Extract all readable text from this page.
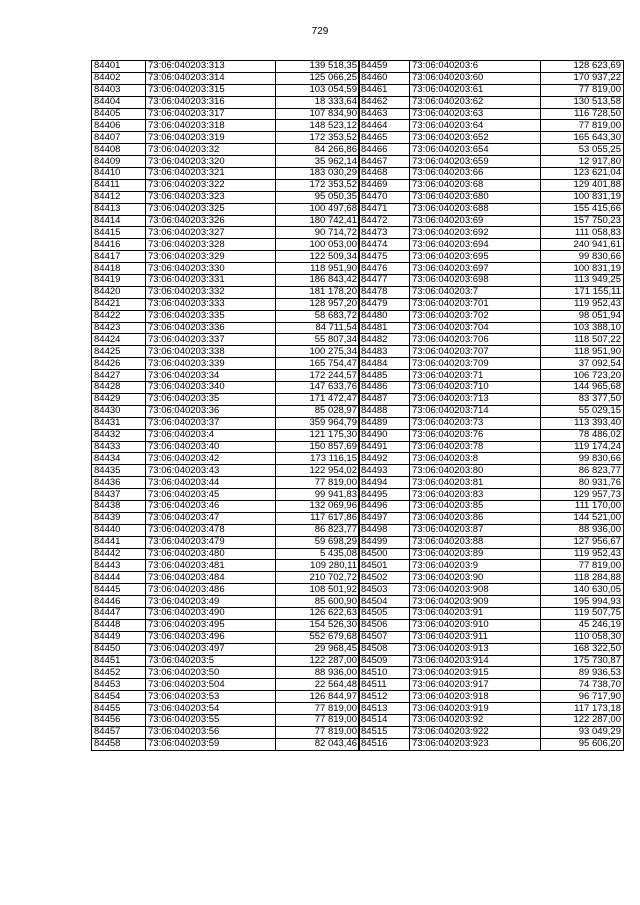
729
84401	73:06:040203:313	139 518,35
84402	73:06:040203:314	125 066,25
84403	73:06:040203:315	103 054,59
84404	73:06:040203:316	18 333,64
84405	73:06:040203:317	107 834,90
84406	73:06:040203:318	148 523,12
84407	73:06:040203:319	172 353,52
84408	73:06:040203:32	84 266,86
84409	73:06:040203:320	35 962,14
84410	73:06:040203:321	183 030,29
84411	73:06:040203:322	172 353,52
84412	73:06:040203:323	95 050,35
84413	73:06:040203:325	100 497,68
84414	73:06:040203:326	180 742,41
84415	73:06:040203:327	90 714,72
84416	73:06:040203:328	100 053,00
84417	73:06:040203:329	122 509,34
84418	73:06:040203:330	118 951,90
84419	73:06:040203:331	186 843,42
84420	73:06:040203:332	181 178,20
84421	73:06:040203:333	128 957,20
84422	73:06:040203:335	58 683,72
84423	73:06:040203:336	84 711,54
84424	73:06:040203:337	55 807,34
84425	73:06:040203:338	100 275,34
84426	73:06:040203:339	165 754,47
84427	73:06:040203:34	172 244,57
84428	73:06:040203:340	147 633,76
84429	73:06:040203:35	171 472,47
84430	73:06:040203:36	85 028,97
84431	73:06:040203:37	359 964,79
84432	73:06:040203:4	121 175,30
84433	73:06:040203:40	150 857,69
84434	73:06:040203:42	173 116,15
84435	73:06:040203:43	122 954,02
84436	73:06:040203:44	77 819,00
84437	73:06:040203:45	99 941,83
84438	73:06:040203:46	132 069,96
84439	73:06:040203:47	117 617,86
84440	73:06:040203:478	86 823,77
84441	73:06:040203:479	59 698,29
84442	73:06:040203:480	5 435,08
84443	73:06:040203:481	109 280,11
84444	73:06:040203:484	210 702,72
84445	73:06:040203:486	108 501,92
84446	73:06:040203:49	85 600,90
84447	73:06:040203:490	126 622,63
84448	73:06:040203:495	154 526,30
84449	73:06:040203:496	552 679,68
84450	73:06:040203:497	29 968,45
84451	73:06:040203:5	122 287,00
84452	73:06:040203:50	88 936,00
84453	73:06:040203:504	22 564,48
84454	73:06:040203:53	126 844,97
84455	73:06:040203:54	77 819,00
84456	73:06:040203:55	77 819,00
84457	73:06:040203:56	77 819,00
84458	73:06:040203:59	82 043,46
84459	73:06:040203:6	128 623,69
84460	73:06:040203:60	170 937,22
84461	73:06:040203:61	77 819,00
84462	73:06:040203:62	130 513,58
84463	73:06:040203:63	116 728,50
84464	73:06:040203:64	77 819,00
84465	73:06:040203:652	165 643,30
84466	73:06:040203:654	53 055,25
84467	73:06:040203:659	12 917,80
84468	73:06:040203:66	123 621,04
84469	73:06:040203:68	129 401,88
84470	73:06:040203:680	100 831,19
84471	73:06:040203:688	155 415,66
84472	73:06:040203:69	157 750,23
84473	73:06:040203:692	111 058,83
84474	73:06:040203:694	240 941,61
84475	73:06:040203:695	99 830,66
84476	73:06:040203:697	100 831,19
84477	73:06:040203:698	113 949,25
84478	73:06:040203:7	171 155,11
84479	73:06:040203:701	119 952,43
84480	73:06:040203:702	98 051,94
84481	73:06:040203:704	103 388,10
84482	73:06:040203:706	118 507,22
84483	73:06:040203:707	118 951,90
84484	73:06:040203:709	37 092,54
84485	73:06:040203:71	106 723,20
84486	73:06:040203:710	144 965,68
84487	73:06:040203:713	83 377,50
84488	73:06:040203:714	55 029,15
84489	73:06:040203:73	113 393,40
84490	73:06:040203:76	78 486,02
84491	73:06:040203:78	119 174,24
84492	73:06:040203:8	99 830,66
84493	73:06:040203:80	86 823,77
84494	73:06:040203:81	80 931,76
84495	73:06:040203:83	129 957,73
84496	73:06:040203:85	111 170,00
84497	73:06:040203:86	144 521,00
84498	73:06:040203:87	88 936,00
84499	73:06:040203:88	127 956,67
84500	73:06:040203:89	119 952,43
84501	73:06:040203:9	77 819,00
84502	73:06:040203:90	118 284,88
84503	73:06:040203:908	140 630,05
84504	73:06:040203:909	195 994,93
84505	73:06:040203:91	119 507,75
84506	73:06:040203:910	45 246,19
84507	73:06:040203:911	110 058,30
84508	73:06:040203:913	168 322,50
84509	73:06:040203:914	175 730,87
84510	73:06:040203:915	89 936,53
84511	73:06:040203:917	74 738,70
84512	73:06:040203:918	96 717,90
84513	73:06:040203:919	117 173,18
84514	73:06:040203:92	122 287,00
84515	73:06:040203:922	93 049,29
84516	73:06:040203:923	95 606,20
